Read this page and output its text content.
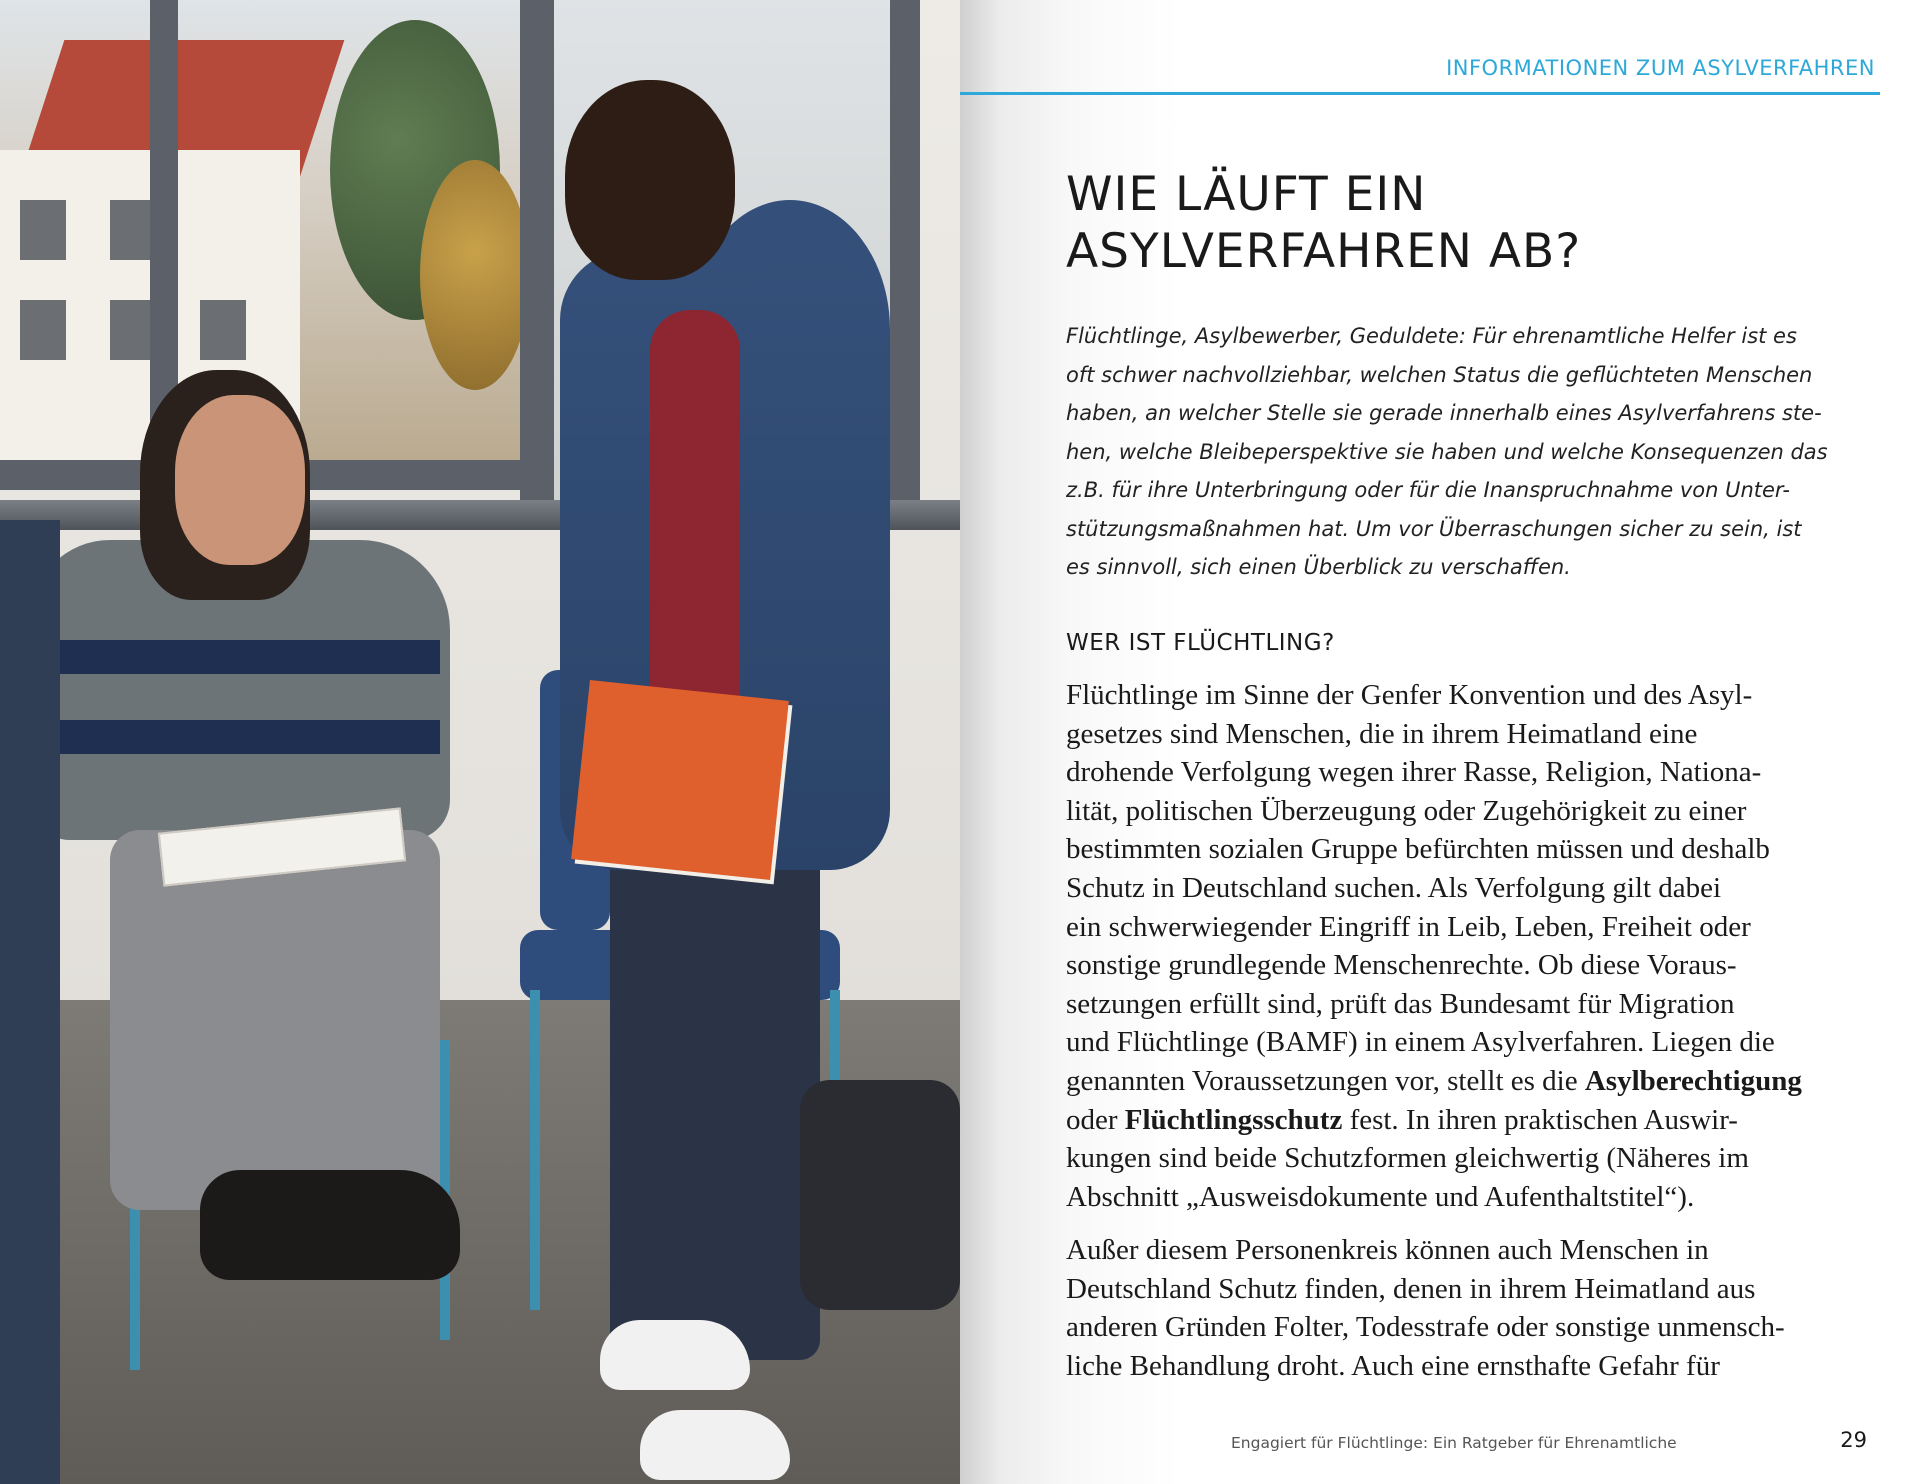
INFORMATIONEN ZUM ASYLVERFAHREN

WIE LÄUFT EIN
ASYLVERFAHREN AB?

Flüchtlinge, Asylbewerber, Geduldete: Für ehrenamtliche Helfer ist es
oft schwer nachvollziehbar, welchen Status die geflüchteten Menschen
haben, an welcher Stelle sie gerade innerhalb eines Asylverfahrens ste-
hen, welche Bleibeperspektive sie haben und welche Konsequenzen das
z.B. für ihre Unterbringung oder für die Inanspruchnahme von Unter-
stützungsmaßnahmen hat. Um vor Überraschungen sicher zu sein, ist
es sinnvoll, sich einen Überblick zu verschaffen.

WER IST FLÜCHTLING?

Flüchtlinge im Sinne der Genfer Konvention und des Asyl-
gesetzes sind Menschen, die in ihrem Heimatland eine
drohende Verfolgung wegen ihrer Rasse, Religion, Nationa-
lität, politischen Überzeugung oder Zugehörigkeit zu einer
bestimmten sozialen Gruppe befürchten müssen und deshalb
Schutz in Deutschland suchen. Als Verfolgung gilt dabei
ein schwerwiegender Eingriff in Leib, Leben, Freiheit oder
sonstige grundlegende Menschenrechte. Ob diese Voraus-
setzungen erfüllt sind, prüft das Bundesamt für Migration
und Flüchtlinge (BAMF) in einem Asylverfahren. Liegen die
genannten Voraussetzungen vor, stellt es die Asylberechtigung
oder Flüchtlingsschutz fest. In ihren praktischen Auswir-
kungen sind beide Schutzformen gleichwertig (Näheres im
Abschnitt „Ausweisdokumente und Aufenthaltstitel“).

Außer diesem Personenkreis können auch Menschen in
Deutschland Schutz finden, denen in ihrem Heimatland aus
anderen Gründen Folter, Todesstrafe oder sonstige unmensch-
liche Behandlung droht. Auch eine ernsthafte Gefahr für

Engagiert für Flüchtlinge: Ein Ratgeber für Ehrenamtliche	29
